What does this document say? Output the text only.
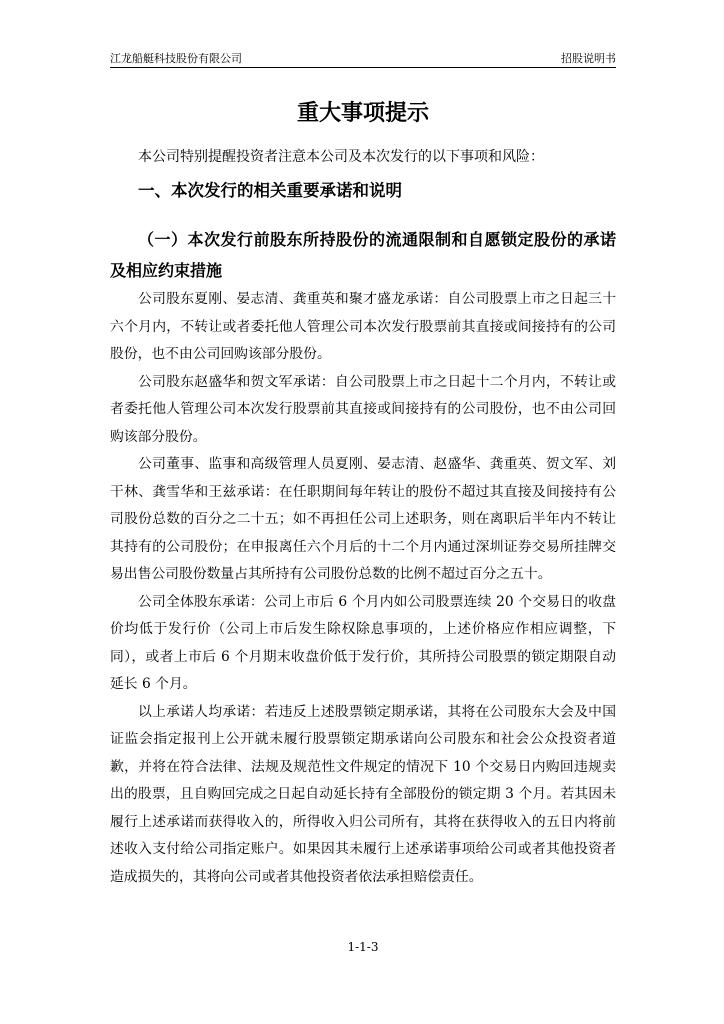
江龙船艇科技股份有限公司	招股说明书
重大事项提示
本公司特别提醒投资者注意本公司及本次发行的以下事项和风险：
一、本次发行的相关重要承诺和说明
（一）本次发行前股东所持股份的流通限制和自愿锁定股份的承诺及相应约束措施

公司股东夏刚、晏志清、龚重英和聚才盛龙承诺：自公司股票上市之日起三十六个月内，不转让或者委托他人管理公司本次发行股票前其直接或间接持有的公司股份，也不由公司回购该部分股份。

公司股东赵盛华和贺文军承诺：自公司股票上市之日起十二个月内，不转让或者委托他人管理公司本次发行股票前其直接或间接持有的公司股份，也不由公司回购该部分股份。

公司董事、监事和高级管理人员夏刚、晏志清、赵盛华、龚重英、贺文军、刘干林、龚雪华和王兹承诺：在任职期间每年转让的股份不超过其直接及间接持有公司股份总数的百分之二十五；如不再担任公司上述职务，则在离职后半年内不转让其持有的公司股份；在申报离任六个月后的十二个月内通过深圳证券交易所挂牌交易出售公司股份数量占其所持有公司股份总数的比例不超过百分之五十。

公司全体股东承诺：公司上市后 6 个月内如公司股票连续 20 个交易日的收盘价均低于发行价（公司上市后发生除权除息事项的，上述价格应作相应调整，下同），或者上市后 6 个月期末收盘价低于发行价，其所持公司股票的锁定期限自动延长 6 个月。

以上承诺人均承诺：若违反上述股票锁定期承诺，其将在公司股东大会及中国证监会指定报刊上公开就未履行股票锁定期承诺向公司股东和社会公众投资者道歉，并将在符合法律、法规及规范性文件规定的情况下 10 个交易日内购回违规卖出的股票，且自购回完成之日起自动延长持有全部股份的锁定期 3 个月。若其因未履行上述承诺而获得收入的，所得收入归公司所有，其将在获得收入的五日内将前述收入支付给公司指定账户。如果因其未履行上述承诺事项给公司或者其他投资者造成损失的，其将向公司或者其他投资者依法承担赔偿责任。

1-1-3
